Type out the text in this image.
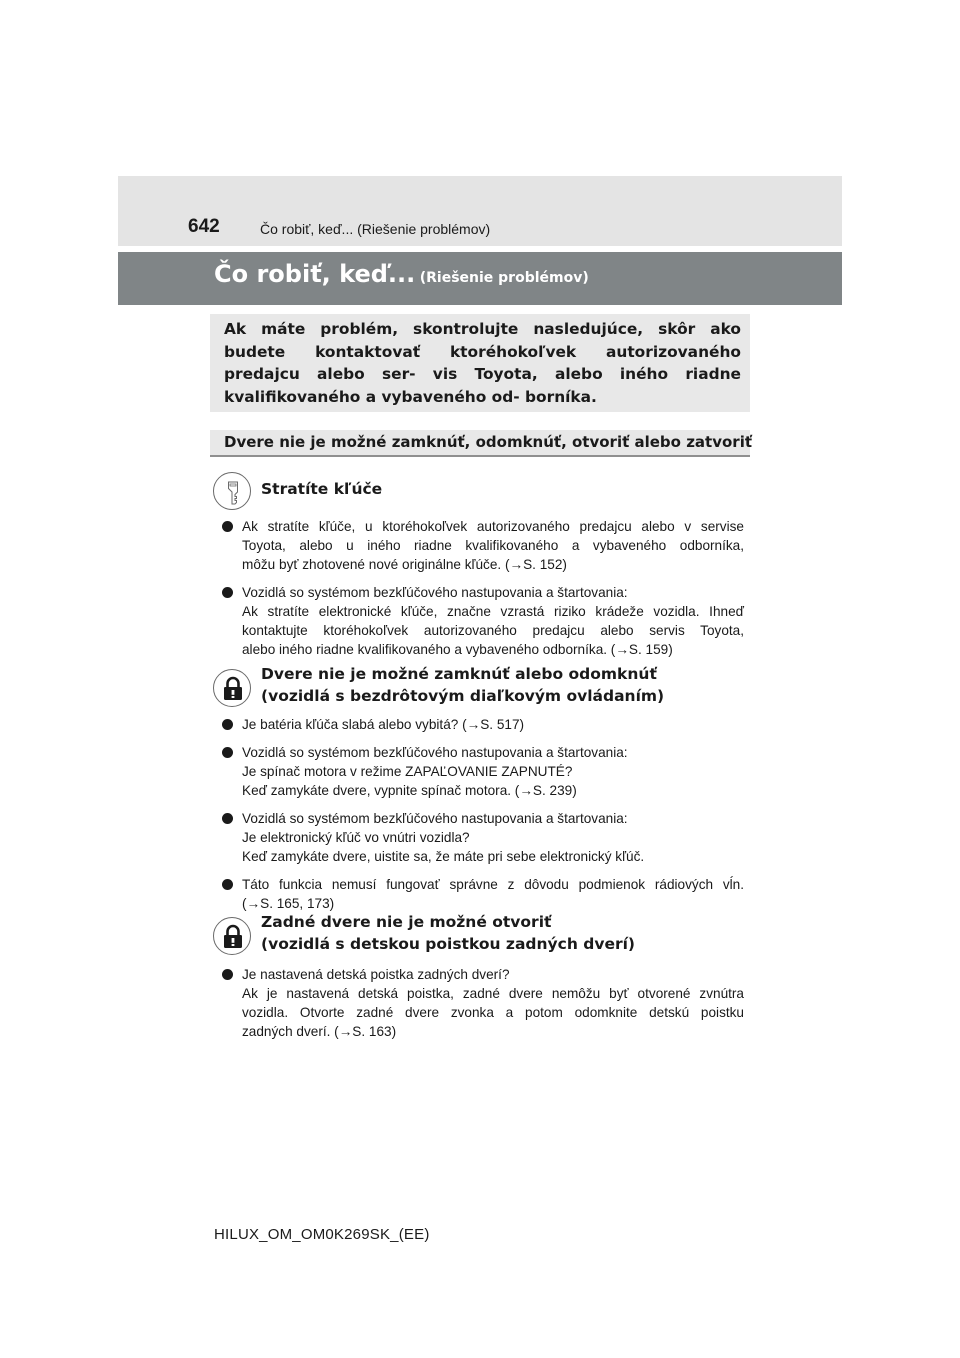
642	Čo robiť, keď... (Riešenie problémov)
Čo robiť, keď... (Riešenie problémov)

Ak máte problém, skontrolujte nasledujúce, skôr ako budete kontaktovať ktoréhokoľvek autorizovaného predajcu alebo ser- vis Toyota, alebo iného riadne kvalifikovaného a vybaveného od- borníka.

Dvere nie je možné zamknúť, odomknúť, otvoriť alebo zatvoriť
Stratíte kľúče
Ak stratíte kľúče, u ktoréhokoľvek autorizovaného predajcu alebo v servise
Toyota, alebo u iného riadne kvalifikovaného a vybaveného odborníka,
môžu byť zhotovené nové originálne kľúče. (→S. 152)
Vozidlá so systémom bezkľúčového nastupovania a štartovania:
Ak stratíte elektronické kľúče, značne vzrastá riziko krádeže vozidla. Ihneď
kontaktujte ktoréhokoľvek autorizovaného predajcu alebo servis Toyota,
alebo iného riadne kvalifikovaného a vybaveného odborníka. (→S. 159)
Dvere nie je možné zamknúť alebo odomknúť
(vozidlá s bezdrôtovým diaľkovým ovládaním)
Je batéria kľúča slabá alebo vybitá? (→S. 517)
Vozidlá so systémom bezkľúčového nastupovania a štartovania:
Je spínač motora v režime ZAPAĽOVANIE ZAPNUTÉ?
Keď zamykáte dvere, vypnite spínač motora. (→S. 239)
Vozidlá so systémom bezkľúčového nastupovania a štartovania:
Je elektronický kľúč vo vnútri vozidla?
Keď zamykáte dvere, uistite sa, že máte pri sebe elektronický kľúč.
Táto funkcia nemusí fungovať správne z dôvodu podmienok rádiových vĺn.
(→S. 165, 173)
Zadné dvere nie je možné otvoriť
(vozidlá s detskou poistkou zadných dverí)
Je nastavená detská poistka zadných dverí?
Ak je nastavená detská poistka, zadné dvere nemôžu byť otvorené zvnútra
vozidla. Otvorte zadné dvere zvonka a potom odomknite detskú poistku
zadných dverí. (→S. 163)
HILUX_OM_OM0K269SK_(EE)
